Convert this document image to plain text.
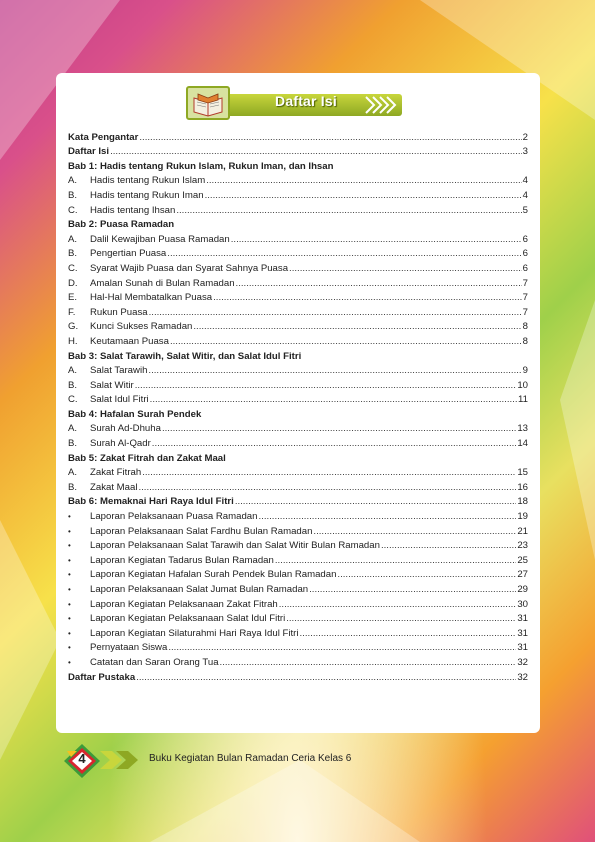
Daftar Isi
Kata Pengantar .....	2
Daftar Isi .....	3
Bab 1: Hadis tentang Rukun Islam, Rukun Iman, dan Ihsan
A.	Hadis tentang Rukun Islam .....	4
B.	Hadis tentang Rukun Iman .....	4
C.	Hadis tentang Ihsan .....	5
Bab 2: Puasa Ramadan
A.	Dalil Kewajiban Puasa Ramadan .....	6
B.	Pengertian Puasa .....	6
C.	Syarat Wajib Puasa dan Syarat Sahnya Puasa .....	6
D.	Amalan Sunah di Bulan Ramadan .....	7
E.	Hal-Hal Membatalkan Puasa .....	7
F.	Rukun Puasa .....	7
G.	Kunci Sukses Ramadan .....	8
H.	Keutamaan Puasa .....	8
Bab 3: Salat Tarawih, Salat Witir, dan Salat Idul Fitri
A.	Salat Tarawih .....	9
B.	Salat Witir .....	10
C.	Salat Idul Fitri .....	11
Bab 4: Hafalan Surah Pendek
A.	Surah Ad-Dhuha .....	13
B.	Surah Al-Qadr .....	14
Bab 5: Zakat Fitrah dan Zakat Maal
A.	Zakat Fitrah .....	15
B.	Zakat Maal .....	16
Bab 6: Memaknai Hari Raya Idul Fitri .....	18
•	Laporan Pelaksanaan Puasa Ramadan .....	19
•	Laporan Pelaksanaan Salat Fardhu Bulan Ramadan .....	21
•	Laporan Pelaksanaan Salat Tarawih dan Salat Witir Bulan Ramadan .....	23
•	Laporan Kegiatan Tadarus Bulan Ramadan .....	25
•	Laporan Kegiatan Hafalan Surah Pendek Bulan Ramadan .....	27
•	Laporan Pelaksanaan Salat Jumat Bulan Ramadan .....	29
•	Laporan Kegiatan Pelaksanaan Zakat Fitrah .....	30
•	Laporan Kegiatan Pelaksanaan Salat Idul Fitri .....	31
•	Laporan Kegiatan Silaturahmi Hari Raya Idul Fitri .....	31
•	Pernyataan Siswa .....	31
•	Catatan dan Saran Orang Tua .....	32
Daftar Pustaka .....	32
4	Buku Kegiatan Bulan Ramadan Ceria Kelas 6
